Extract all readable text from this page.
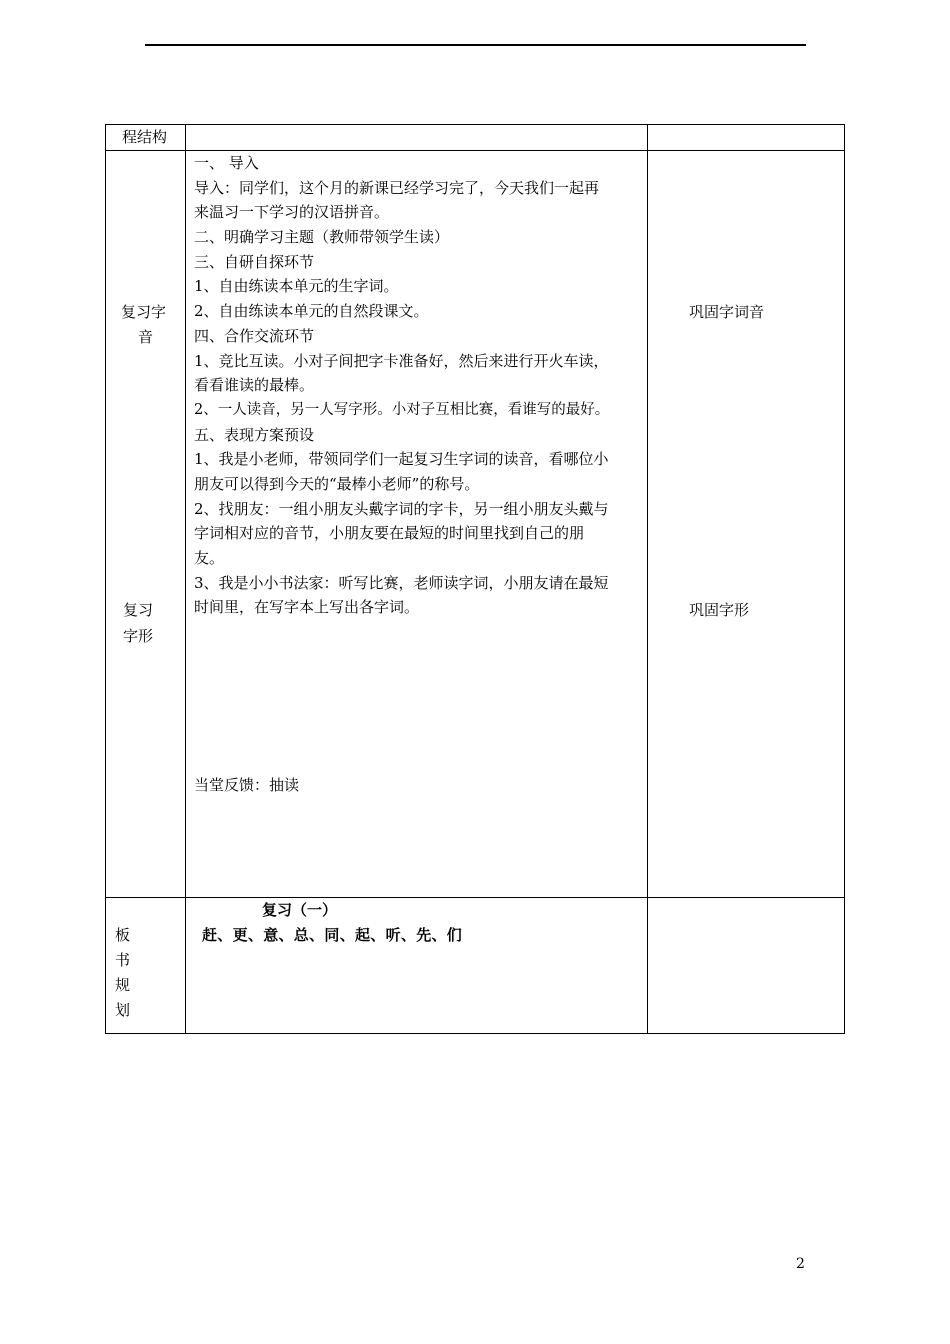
程结构
复习字
音
复习
字形
一、 导入
导入：同学们，这个月的新课已经学习完了，今天我们一起再
来温习一下学习的汉语拼音。
二、明确学习主题（教师带领学生读）
三、自研自探环节
1、自由练读本单元的生字词。
2、自由练读本单元的自然段课文。
四、合作交流环节
1、竞比互读。小对子间把字卡准备好，然后来进行开火车读，
看看谁读的最棒。
2、一人读音，另一人写字形。小对子互相比赛，看谁写的最好。
五、表现方案预设
1、我是小老师，带领同学们一起复习生字词的读音，看哪位小
朋友可以得到今天的“最棒小老师”的称号。
2、找朋友：一组小朋友头戴字词的字卡，另一组小朋友头戴与
字词相对应的音节，小朋友要在最短的时间里找到自己的朋
友。
3、我是小小书法家：听写比赛，老师读字词，小朋友请在最短
时间里，在写字本上写出各字词。
当堂反馈：抽读
巩固字词音
巩固字形
板
书
规
划
复习（一）
赶、更、意、总、同、起、听、先、们
2
